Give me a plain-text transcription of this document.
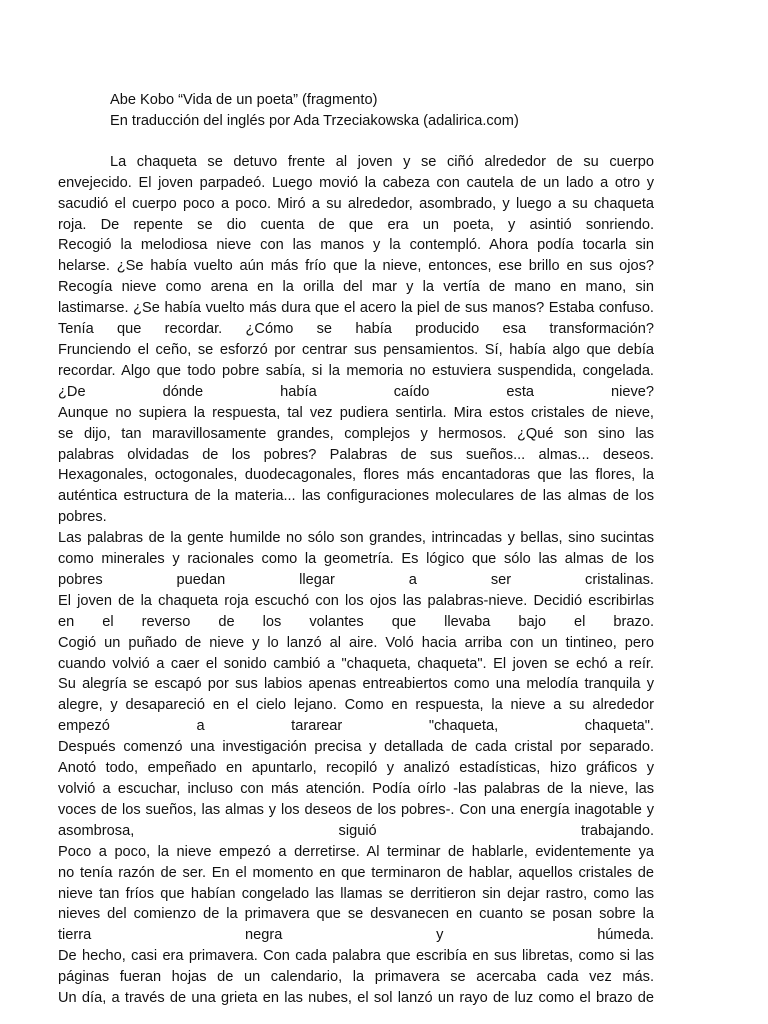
Abe Kobo “Vida de un poeta” (fragmento)

En traducción del inglés por Ada Trzeciakowska (adalirica.com)

La chaqueta se detuvo frente al joven y se ciñó alrededor de su cuerpo
envejecido. El joven parpadeó. Luego movió la cabeza con cautela de un lado a otro y
sacudió el cuerpo poco a poco. Miró a su alrededor, asombrado, y luego a su chaqueta
roja. De repente se dio cuenta de que era un poeta, y asintió sonriendo.
Recogió la melodiosa nieve con las manos y la contempló. Ahora podía tocarla sin
helarse. ¿Se había vuelto aún más frío que la nieve, entonces, ese brillo en sus ojos?
Recogía nieve como arena en la orilla del mar y la vertía de mano en mano, sin
lastimarse. ¿Se había vuelto más dura que el acero la piel de sus manos? Estaba confuso.
Tenía que recordar. ¿Cómo se había producido esa transformación?
Frunciendo el ceño, se esforzó por centrar sus pensamientos. Sí, había algo que debía
recordar. Algo que todo pobre sabía, si la memoria no estuviera suspendida, congelada.
¿De dónde había caído esta nieve?
Aunque no supiera la respuesta, tal vez pudiera sentirla. Mira estos cristales de nieve,
se dijo, tan maravillosamente grandes, complejos y hermosos. ¿Qué son sino las
palabras olvidadas de los pobres? Palabras de sus sueños... almas... deseos.
Hexagonales, octogonales, duodecagonales, flores más encantadoras que las flores, la
auténtica estructura de la materia... las configuraciones moleculares de las almas de los
pobres.
Las palabras de la gente humilde no sólo son grandes, intrincadas y bellas, sino sucintas
como minerales y racionales como la geometría. Es lógico que sólo las almas de los
pobres puedan llegar a ser cristalinas.
El joven de la chaqueta roja escuchó con los ojos las palabras-nieve. Decidió escribirlas
en el reverso de los volantes que llevaba bajo el brazo.
Cogió un puñado de nieve y lo lanzó al aire. Voló hacia arriba con un tintineo, pero
cuando volvió a caer el sonido cambió a "chaqueta, chaqueta". El joven se echó a reír.
Su alegría se escapó por sus labios apenas entreabiertos como una melodía tranquila y
alegre, y desapareció en el cielo lejano. Como en respuesta, la nieve a su alrededor
empezó a tararear "chaqueta, chaqueta".
Después comenzó una investigación precisa y detallada de cada cristal por separado.
Anotó todo, empeñado en apuntarlo, recopiló y analizó estadísticas, hizo gráficos y
volvió a escuchar, incluso con más atención. Podía oírlo -las palabras de la nieve, las
voces de los sueños, las almas y los deseos de los pobres-. Con una energía inagotable y
asombrosa, siguió trabajando.
Poco a poco, la nieve empezó a derretirse. Al terminar de hablarle, evidentemente ya
no tenía razón de ser. En el momento en que terminaron de hablar, aquellos cristales de
nieve tan fríos que habían congelado las llamas se derritieron sin dejar rastro, como las
nieves del comienzo de la primavera que se desvanecen en cuanto se posan sobre la
tierra negra y húmeda.
De hecho, casi era primavera. Con cada palabra que escribía en sus libretas, como si las
páginas fueran hojas de un calendario, la primavera se acercaba cada vez más.
Un día, a través de una grieta en las nubes, el sol lanzó un rayo de luz como el brazo de
